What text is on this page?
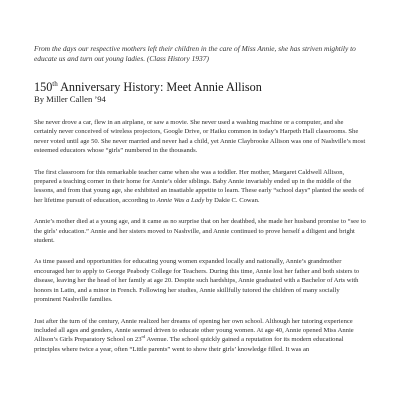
From the days our respective mothers left their children in the care of Miss Annie, she has striven mightily to educate us and turn out young ladies. (Class History 1937)

150th Anniversary History: Meet Annie Allison

By Miller Callen ’94

She never drove a car, flew in an airplane, or saw a movie. She never used a washing machine or a computer, and she certainly never conceived of wireless projectors, Google Drive, or Haiku common in today’s Harpeth Hall classrooms. She never voted until age 50. She never married and never had a child, yet Annie Claybrooke Allison was one of Nashville’s most esteemed educators whose “girls” numbered in the thousands.

The first classroom for this remarkable teacher came when she was a toddler. Her mother, Margaret Caldwell Allison, prepared a teaching corner in their home for Annie’s older siblings. Baby Annie invariably ended up in the middle of the lessons, and from that young age, she exhibited an insatiable appetite to learn. These early “school days” planted the seeds of her lifetime pursuit of education, according to Annie Was a Lady by Dakie C. Cowan.

Annie’s mother died at a young age, and it came as no surprise that on her deathbed, she made her husband promise to “see to the girls’ education.” Annie and her sisters moved to Nashville, and Annie continued to prove herself a diligent and bright student.

As time passed and opportunities for educating young women expanded locally and nationally, Annie’s grandmother encouraged her to apply to George Peabody College for Teachers. During this time, Annie lost her father and both sisters to disease, leaving her the head of her family at age 20. Despite such hardships, Annie graduated with a Bachelor of Arts with honors in Latin, and a minor in French. Following her studies, Annie skillfully tutored the children of many socially prominent Nashville families.

Just after the turn of the century, Annie realized her dreams of opening her own school. Although her tutoring experience included all ages and genders, Annie seemed driven to educate other young women. At age 40, Annie opened Miss Annie Allison’s Girls Preparatory School on 23rd Avenue. The school quickly gained a reputation for its modern educational principles where twice a year, often “Little parents” went to show their girls’ knowledge filled. It was an
